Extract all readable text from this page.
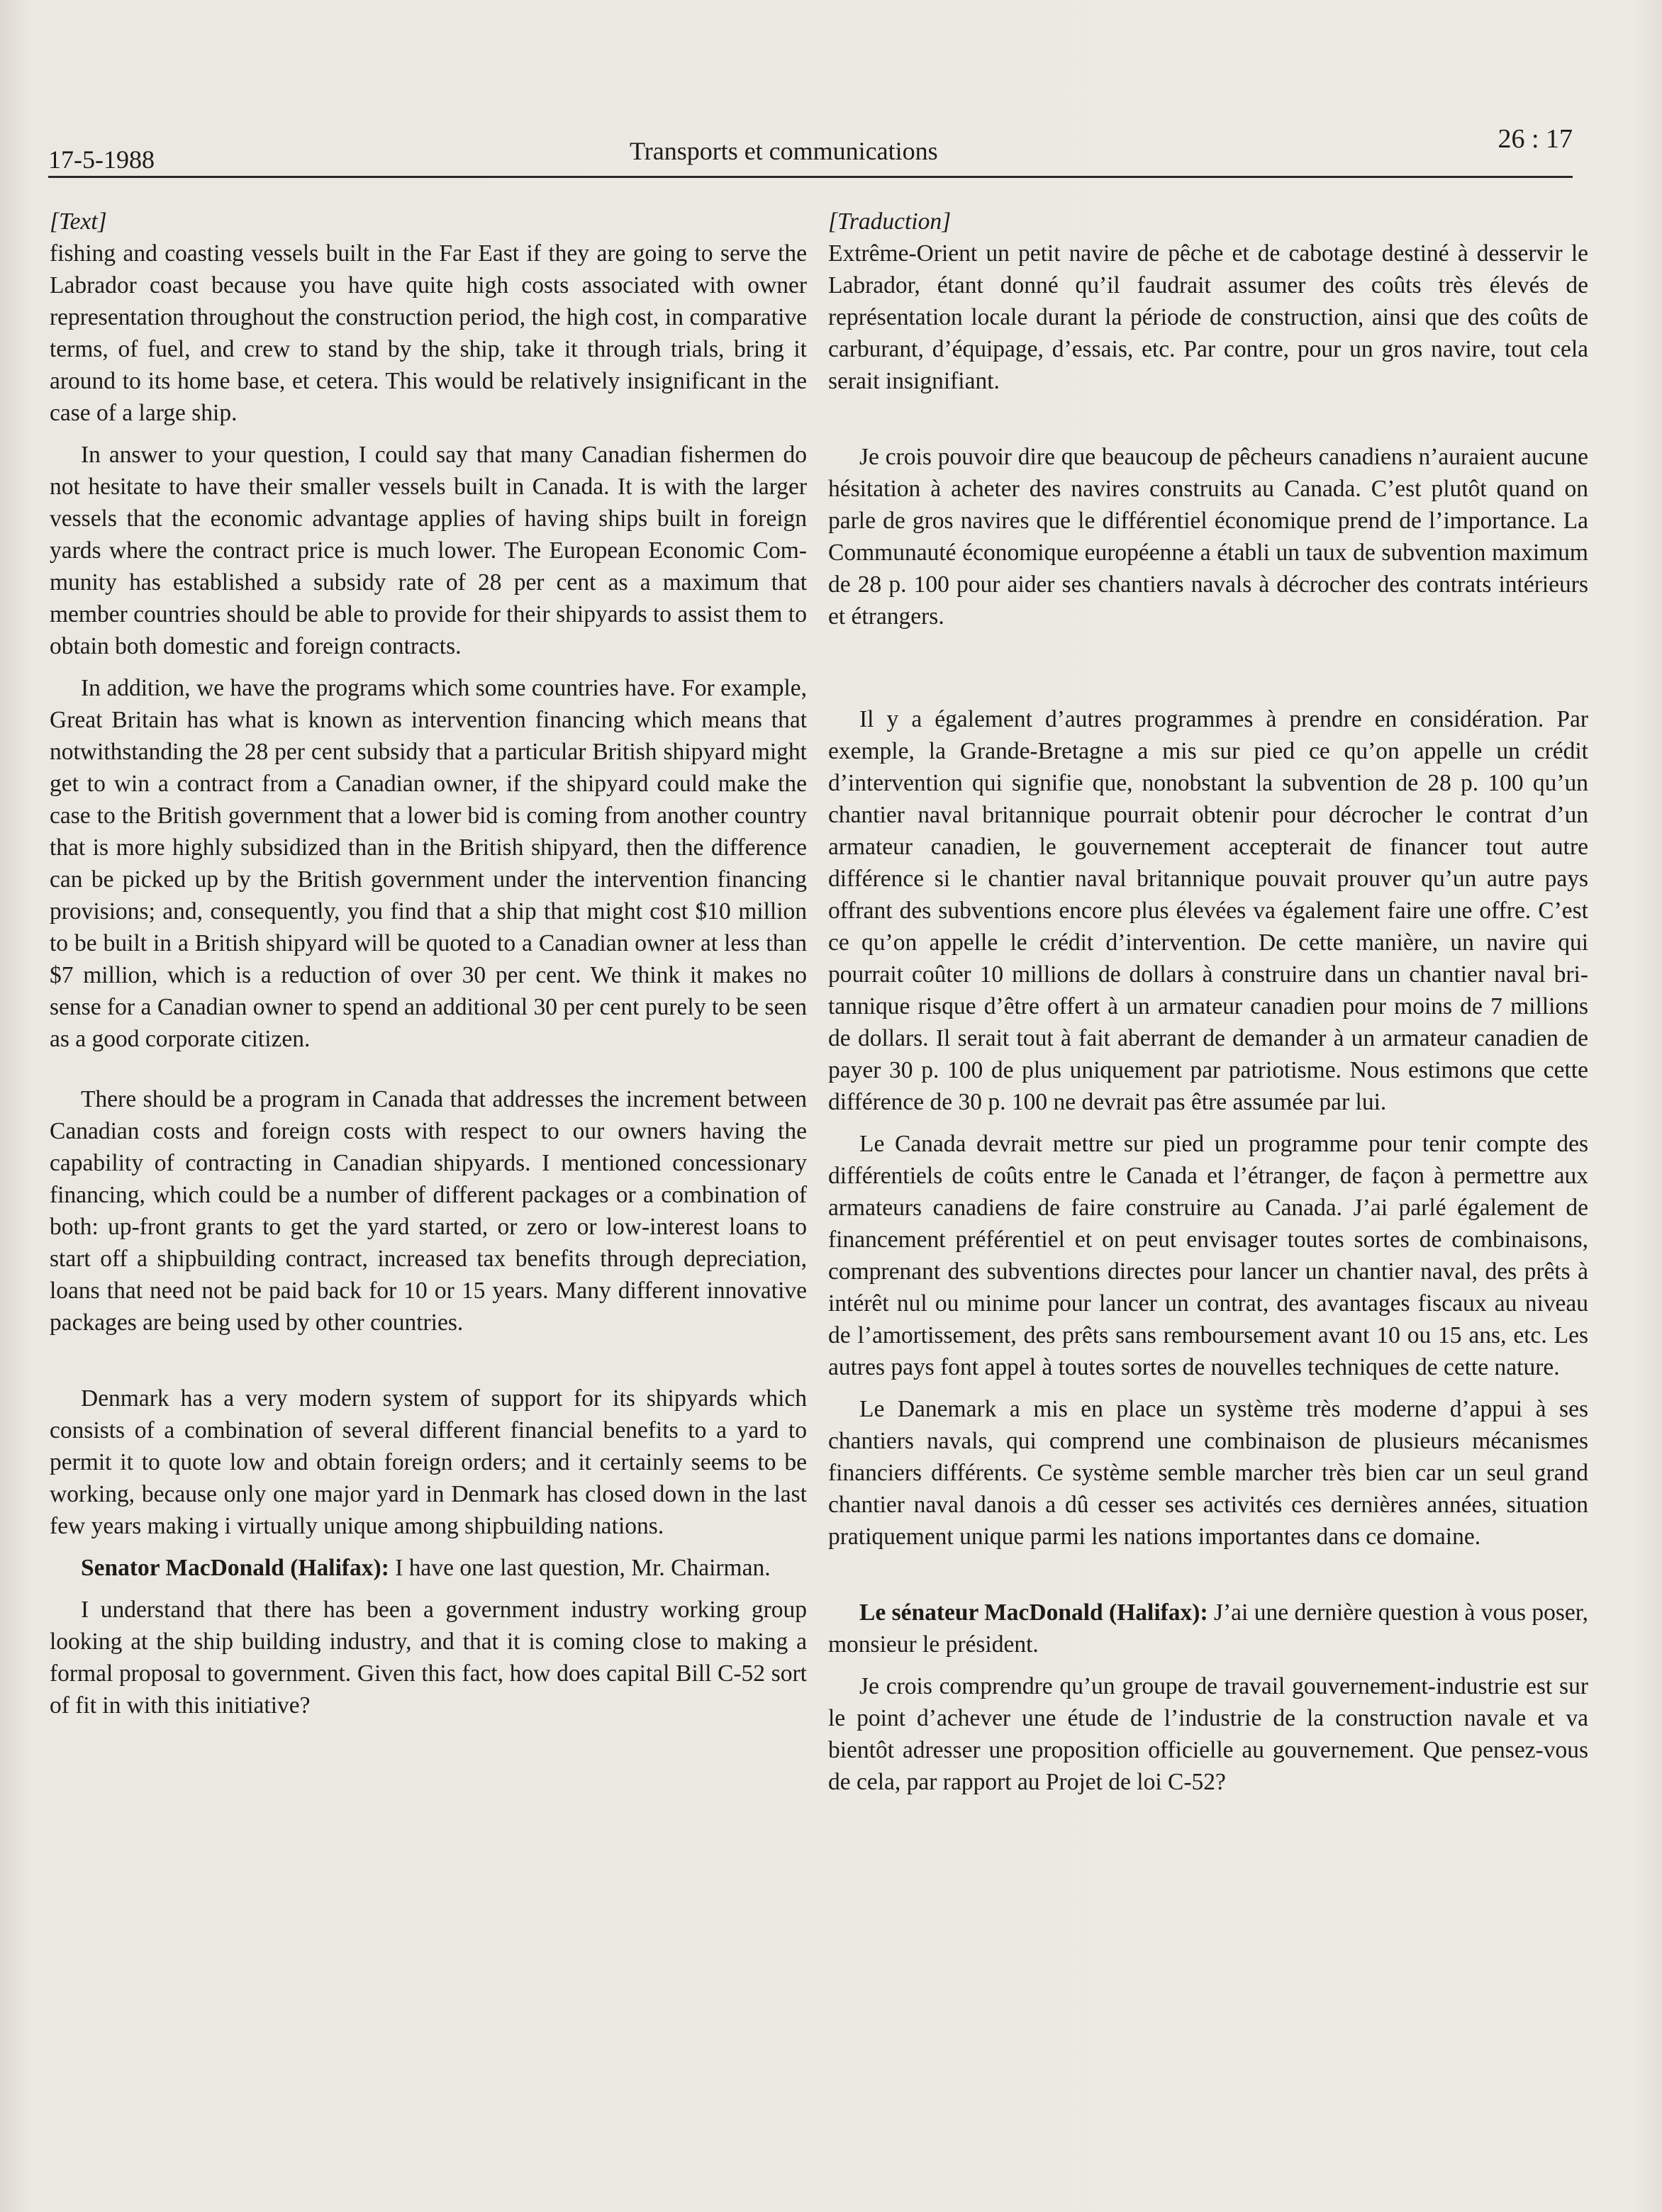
17-5-1988	Transports et communications	26 : 17

[Text]

fishing and coasting vessels built in the Far East if they are going to serve the Labrador coast because you have quite high costs associated with owner representation throughout the construction period, the high cost, in comparative terms, of fuel, and crew to stand by the ship, take it through trials, bring it around to its home base, et cetera. This would be relatively insignificant in the case of a large ship.

In answer to your question, I could say that many Canadian fishermen do not hesitate to have their smaller vessels built in Canada. It is with the larger vessels that the economic advantage applies of having ships built in foreign yards where the contract price is much lower. The European Economic Community has established a subsidy rate of 28 per cent as a maximum that member countries should be able to provide for their shipyards to assist them to obtain both domestic and foreign contracts.

In addition, we have the programs which some countries have. For example, Great Britain has what is known as intervention financing which means that notwithstanding the 28 per cent subsidy that a particular British shipyard might get to win a contract from a Canadian owner, if the shipyard could make the case to the British government that a lower bid is coming from another country that is more highly subsidized than in the British shipyard, then the difference can be picked up by the British government under the intervention financing provisions; and, consequently, you find that a ship that might cost $10 million to be built in a British shipyard will be quoted to a Canadian owner at less than $7 million, which is a reduction of over 30 per cent. We think it makes no sense for a Canadian owner to spend an additional 30 per cent purely to be seen as a good corporate citizen.

There should be a program in Canada that addresses the increment between Canadian costs and foreign costs with respect to our owners having the capability of contracting in Canadian shipyards. I mentioned concessionary financing, which could be a number of different packages or a combination of both: up-front grants to get the yard started, or zero or low-interest loans to start off a shipbuilding contract, increased tax benefits through depreciation, loans that need not be paid back for 10 or 15 years. Many different innovative packages are being used by other countries.

Denmark has a very modern system of support for its shipyards which consists of a combination of several different financial benefits to a yard to permit it to quote low and obtain foreign orders; and it certainly seems to be working, because only one major yard in Denmark has closed down in the last few years making i virtually unique among shipbuilding nations.

Senator MacDonald (Halifax): I have one last question, Mr. Chairman.

I understand that there has been a government industry working group looking at the ship building industry, and that it is coming close to making a formal proposal to government. Given this fact, how does capital Bill C-52 sort of fit in with this initiative?

[Traduction]

Extrême-Orient un petit navire de pêche et de cabotage destiné à desservir le Labrador, étant donné qu’il faudrait assumer des coûts très élevés de représentation locale durant la période de construction, ainsi que des coûts de carburant, d’équipage, d’essais, etc. Par contre, pour un gros navire, tout cela serait insignifiant.

Je crois pouvoir dire que beaucoup de pêcheurs canadiens n’auraient aucune hésitation à acheter des navires construits au Canada. C’est plutôt quand on parle de gros navires que le différentiel économique prend de l’importance. La Communauté économique européenne a établi un taux de subvention maximum de 28 p. 100 pour aider ses chantiers navals à décrocher des contrats intérieurs et étrangers.

Il y a également d’autres programmes à prendre en considération. Par exemple, la Grande-Bretagne a mis sur pied ce qu’on appelle un crédit d’intervention qui signifie que, nonobstant la subvention de 28 p. 100 qu’un chantier naval britannique pourrait obtenir pour décrocher le contrat d’un armateur canadien, le gouvernement accepterait de financer tout autre différence si le chantier naval britannique pouvait prouver qu’un autre pays offrant des subventions encore plus élevées va également faire une offre. C’est ce qu’on appelle le crédit d’intervention. De cette manière, un navire qui pourrait coûter 10 millions de dollars à construire dans un chantier naval britannique risque d’être offert à un armateur canadien pour moins de 7 millions de dollars. Il serait tout à fait aberrant de demander à un armateur canadien de payer 30 p. 100 de plus uniquement par patriotisme. Nous estimons que cette différence de 30 p. 100 ne devrait pas être assumée par lui.

Le Canada devrait mettre sur pied un programme pour tenir compte des différentiels de coûts entre le Canada et l’étranger, de façon à permettre aux armateurs canadiens de faire construire au Canada. J’ai parlé également de financement préférentiel et on peut envisager toutes sortes de combinaisons, comprenant des subventions directes pour lancer un chantier naval, des prêts à intérêt nul ou minime pour lancer un contrat, des avantages fiscaux au niveau de l’amortissement, des prêts sans remboursement avant 10 ou 15 ans, etc. Les autres pays font appel à toutes sortes de nouvelles techniques de cette nature.

Le Danemark a mis en place un système très moderne d’appui à ses chantiers navals, qui comprend une combinaison de plusieurs mécanismes financiers différents. Ce système semble marcher très bien car un seul grand chantier naval danois a dû cesser ses activités ces dernières années, situation pratiquement unique parmi les nations importantes dans ce domaine.

Le sénateur MacDonald (Halifax): J’ai une dernière question à vous poser, monsieur le président.

Je crois comprendre qu’un groupe de travail gouvernement-industrie est sur le point d’achever une étude de l’industrie de la construction navale et va bientôt adresser une proposition officielle au gouvernement. Que pensez-vous de cela, par rapport au Projet de loi C-52?
